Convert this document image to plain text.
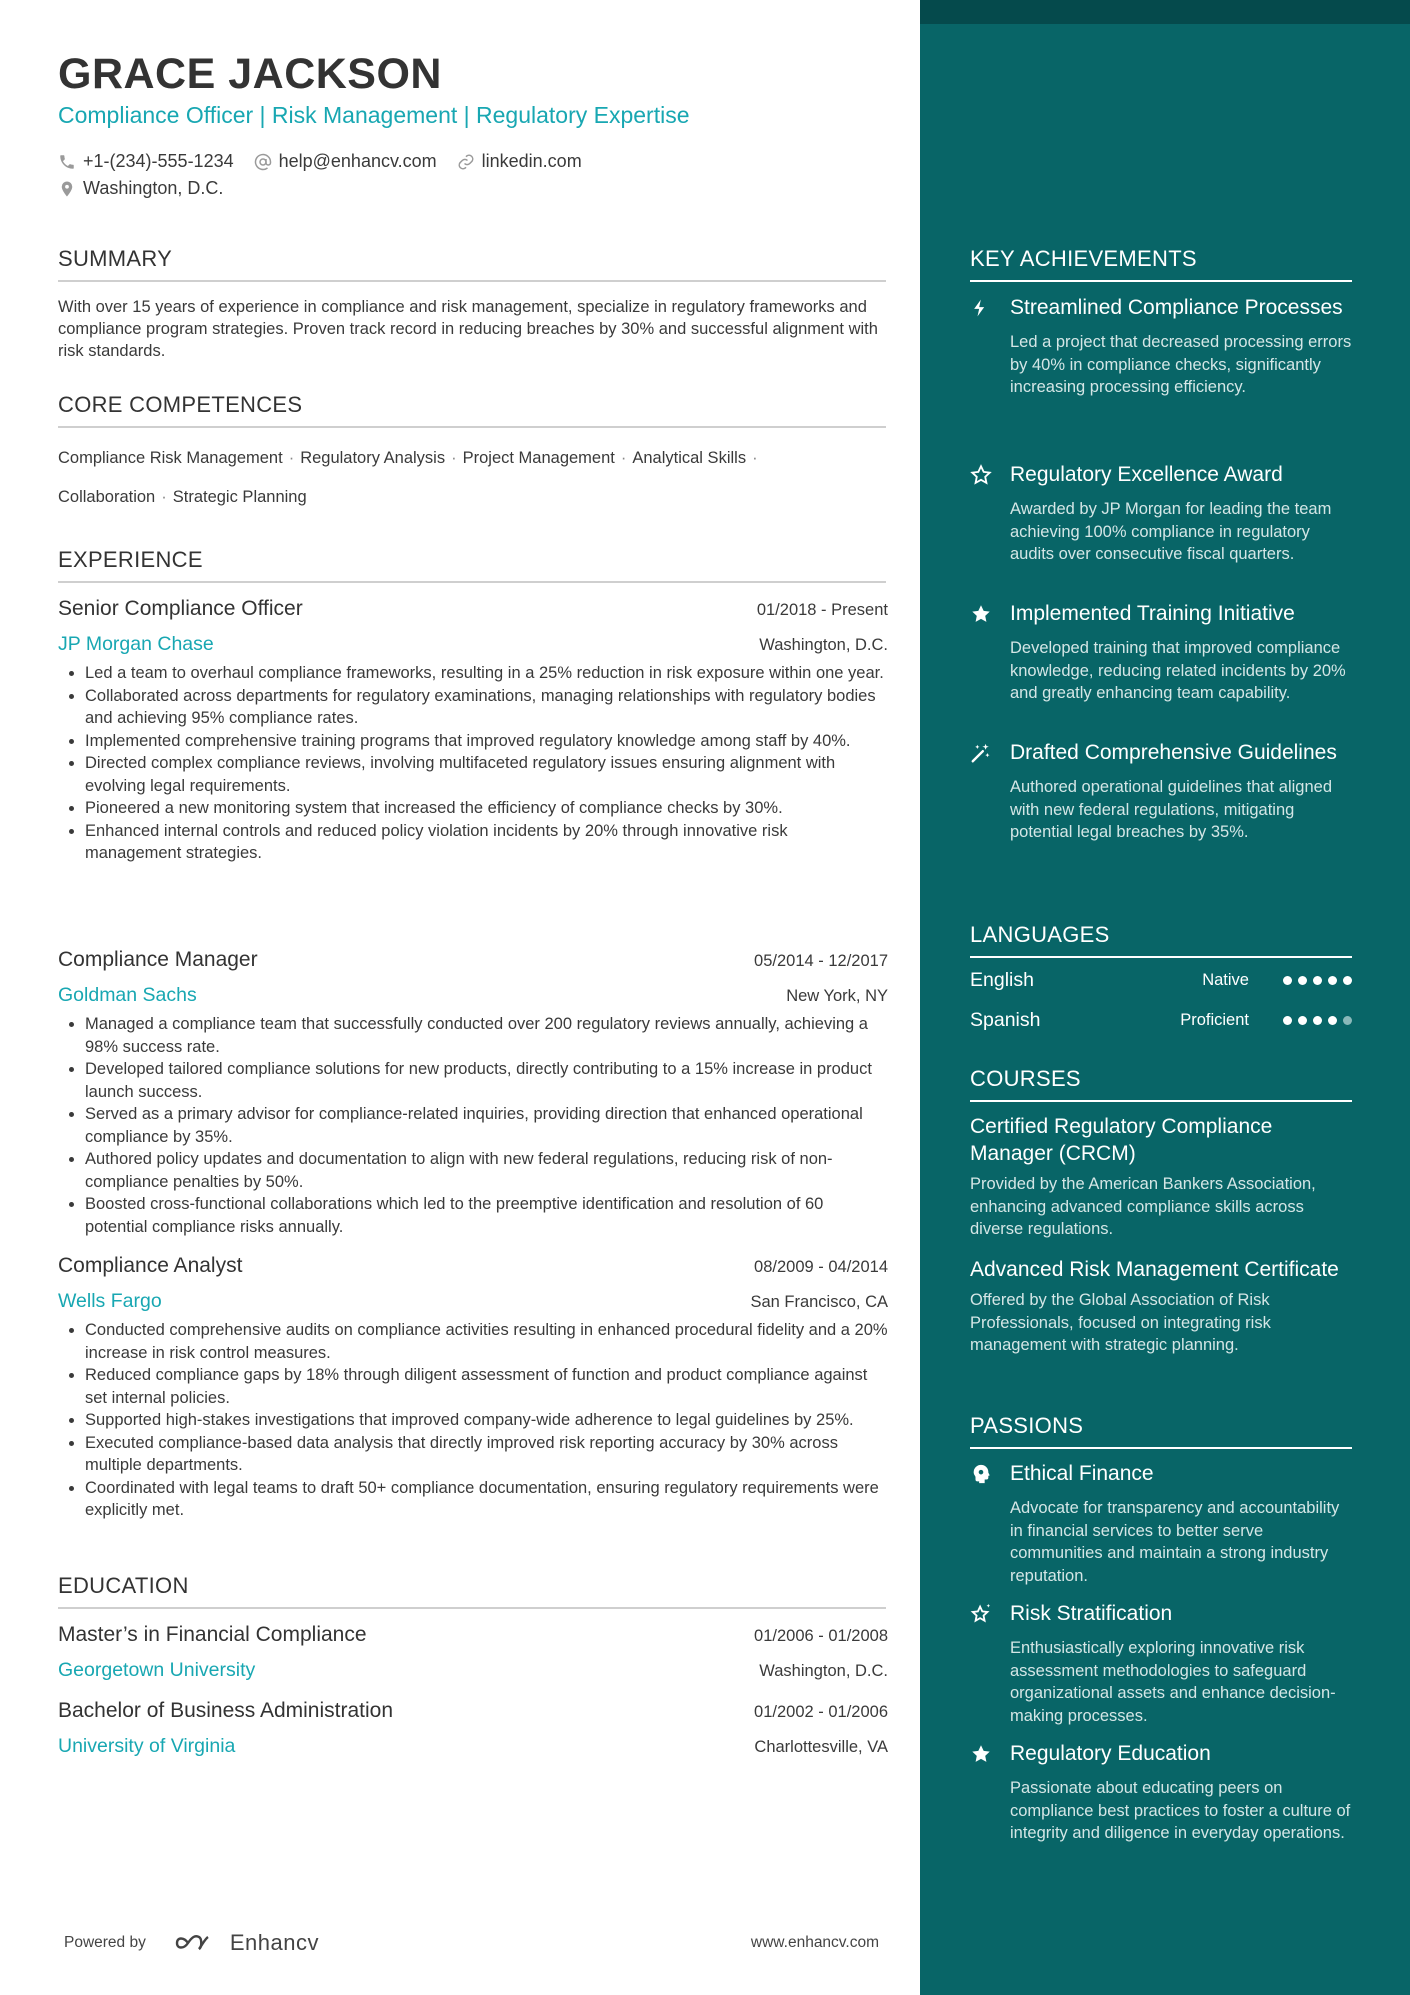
GRACE JACKSON
Compliance Officer | Risk Management | Regulatory Expertise
+1-(234)-555-1234	help@enhancv.com	linkedin.com
Washington, D.C.
SUMMARY
With over 15 years of experience in compliance and risk management, specialize in regulatory frameworks and compliance program strategies. Proven track record in reducing breaches by 30% and successful alignment with risk standards.
CORE COMPETENCES
Compliance Risk Management · Regulatory Analysis · Project Management · Analytical Skills ·
Collaboration · Strategic Planning
EXPERIENCE
Senior Compliance Officer	01/2018 - Present
JP Morgan Chase	Washington, D.C.
• Led a team to overhaul compliance frameworks, resulting in a 25% reduction in risk exposure within one year.
• Collaborated across departments for regulatory examinations, managing relationships with regulatory bodies and achieving 95% compliance rates.
• Implemented comprehensive training programs that improved regulatory knowledge among staff by 40%.
• Directed complex compliance reviews, involving multifaceted regulatory issues ensuring alignment with evolving legal requirements.
• Pioneered a new monitoring system that increased the efficiency of compliance checks by 30%.
• Enhanced internal controls and reduced policy violation incidents by 20% through innovative risk management strategies.
Compliance Manager	05/2014 - 12/2017
Goldman Sachs	New York, NY
• Managed a compliance team that successfully conducted over 200 regulatory reviews annually, achieving a 98% success rate.
• Developed tailored compliance solutions for new products, directly contributing to a 15% increase in product launch success.
• Served as a primary advisor for compliance-related inquiries, providing direction that enhanced operational compliance by 35%.
• Authored policy updates and documentation to align with new federal regulations, reducing risk of non-compliance penalties by 50%.
• Boosted cross-functional collaborations which led to the preemptive identification and resolution of 60 potential compliance risks annually.
Compliance Analyst	08/2009 - 04/2014
Wells Fargo	San Francisco, CA
• Conducted comprehensive audits on compliance activities resulting in enhanced procedural fidelity and a 20% increase in risk control measures.
• Reduced compliance gaps by 18% through diligent assessment of function and product compliance against set internal policies.
• Supported high-stakes investigations that improved company-wide adherence to legal guidelines by 25%.
• Executed compliance-based data analysis that directly improved risk reporting accuracy by 30% across multiple departments.
• Coordinated with legal teams to draft 50+ compliance documentation, ensuring regulatory requirements were explicitly met.
EDUCATION
Master’s in Financial Compliance	01/2006 - 01/2008
Georgetown University	Washington, D.C.
Bachelor of Business Administration	01/2002 - 01/2006
University of Virginia	Charlottesville, VA
Powered by	Enhancv	www.enhancv.com
KEY ACHIEVEMENTS
Streamlined Compliance Processes
Led a project that decreased processing errors by 40% in compliance checks, significantly increasing processing efficiency.
Regulatory Excellence Award
Awarded by JP Morgan for leading the team achieving 100% compliance in regulatory audits over consecutive fiscal quarters.
Implemented Training Initiative
Developed training that improved compliance knowledge, reducing related incidents by 20% and greatly enhancing team capability.
Drafted Comprehensive Guidelines
Authored operational guidelines that aligned with new federal regulations, mitigating potential legal breaches by 35%.
LANGUAGES
English	Native
Spanish	Proficient
COURSES
Certified Regulatory Compliance Manager (CRCM)
Provided by the American Bankers Association, enhancing advanced compliance skills across diverse regulations.
Advanced Risk Management Certificate
Offered by the Global Association of Risk Professionals, focused on integrating risk management with strategic planning.
PASSIONS
Ethical Finance
Advocate for transparency and accountability in financial services to better serve communities and maintain a strong industry reputation.
Risk Stratification
Enthusiastically exploring innovative risk assessment methodologies to safeguard organizational assets and enhance decision-making processes.
Regulatory Education
Passionate about educating peers on compliance best practices to foster a culture of integrity and diligence in everyday operations.
